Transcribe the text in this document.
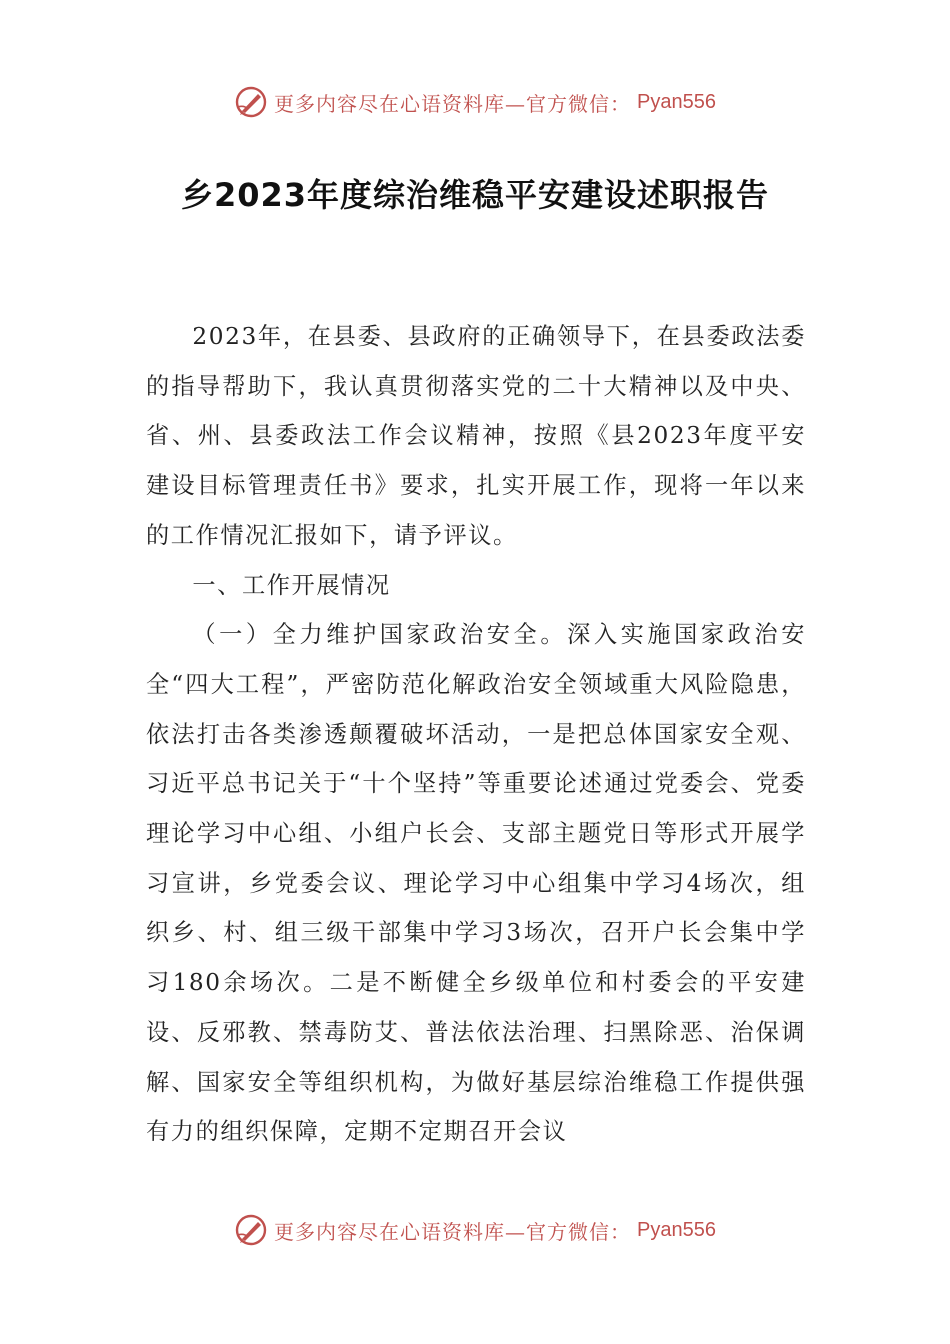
更多内容尽在心语资料库—官方微信： Pyan556
乡2023年度综治维稳平安建设述职报告

2023年，在县委、县政府的正确领导下，在县委政法委的指导帮助下，我认真贯彻落实党的二十大精神以及中央、省、州、县委政法工作会议精神，按照《县2023年度平安建设目标管理责任书》要求，扎实开展工作，现将一年以来的工作情况汇报如下，请予评议。

一、工作开展情况

（一）全力维护国家政治安全。深入实施国家政治安全“四大工程”，严密防范化解政治安全领域重大风险隐患，依法打击各类渗透颠覆破坏活动，一是把总体国家安全观、习近平总书记关于“十个坚持”等重要论述通过党委会、党委理论学习中心组、小组户长会、支部主题党日等形式开展学习宣讲，乡党委会议、理论学习中心组集中学习4场次，组织乡、村、组三级干部集中学习3场次，召开户长会集中学习180余场次。二是不断健全乡级单位和村委会的平安建设、反邪教、禁毒防艾、普法依法治理、扫黑除恶、治保调解、国家安全等组织机构，为做好基层综治维稳工作提供强有力的组织保障，定期不定期召开会议

更多内容尽在心语资料库—官方微信： Pyan556
